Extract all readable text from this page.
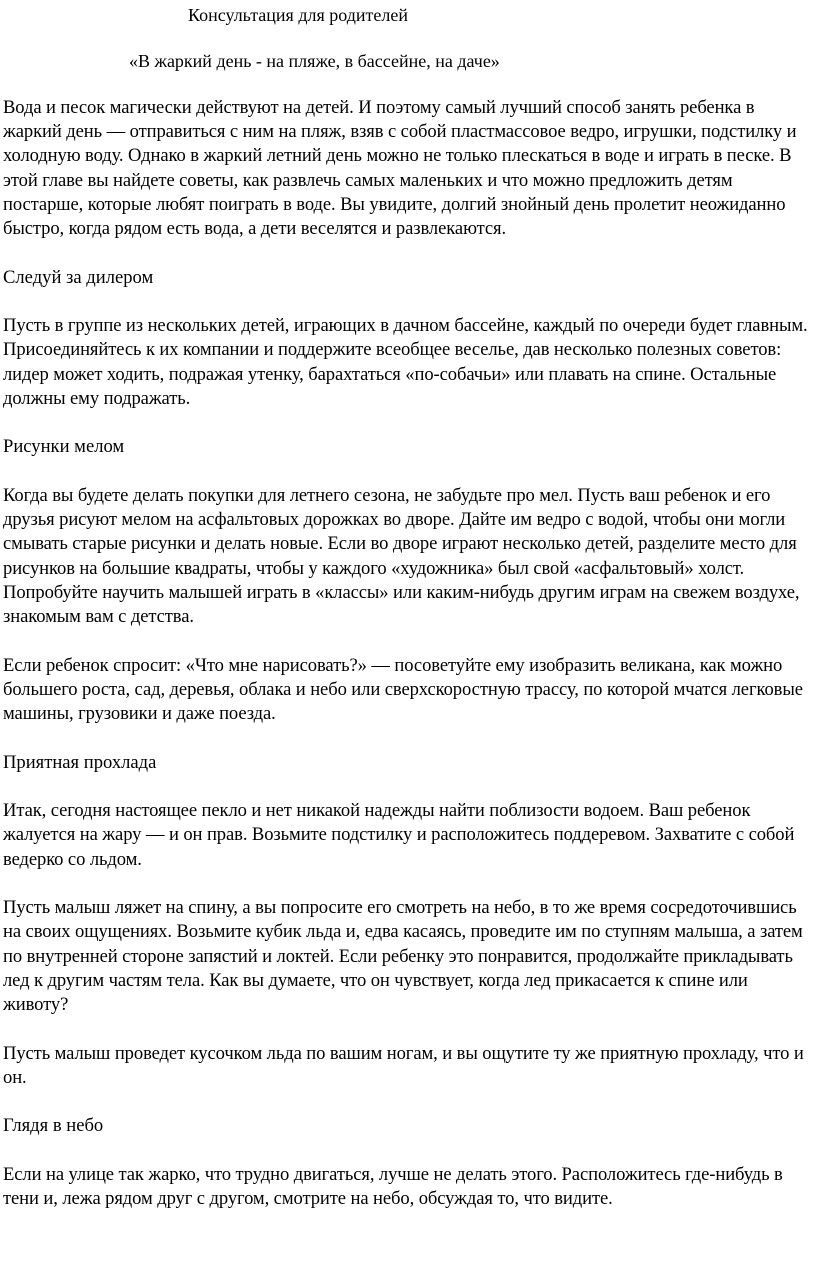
Консультация для родителей
«В жаркий день - на пляже, в бассейне, на даче»

Вода и песок магически действуют на детей. И поэтому самый лучший способ занять ребенка в жаркий день — отправиться с ним на пляж, взяв с собой пластмассовое ведро, игрушки, подстилку и холодную воду. Однако в жаркий летний день можно не только плескаться в воде и играть в песке. В этой главе вы найдете советы, как развлечь самых маленьких и что можно предложить детям постарше, которые любят поиграть в воде. Вы увидите, долгий знойный день пролетит неожиданно быстро, когда рядом есть вода, а дети веселятся и развлекаются.

Следуй за дилером

Пусть в группе из нескольких детей, играющих в дачном бассейне, каждый по очереди будет главным. Присоединяйтесь к их компании и поддержите всеобщее веселье, дав несколько полезных советов: лидер может ходить, подражая утенку, барахтаться «по-собачьи» или плавать на спине. Остальные должны ему подражать.

Рисунки мелом

Когда вы будете делать покупки для летнего сезона, не забудьте про мел. Пусть ваш ребенок и его друзья рисуют мелом на асфальтовых дорожках во дворе. Дайте им ведро с водой, чтобы они могли смывать старые рисунки и делать новые. Если во дворе играют несколько детей, разделите место для рисунков на большие квадраты, чтобы у каждого «художника» был свой «асфальтовый» холст. Попробуйте научить малышей играть в «классы» или каким-нибудь другим играм на свежем воздухе, знакомым вам с детства.

Если ребенок спросит: «Что мне нарисовать?» — посоветуйте ему изобразить великана, как можно большего роста, сад, деревья, облака и небо или сверхскоростную трассу, по которой мчатся легковые машины, грузовики и даже поезда.

Приятная прохлада

Итак, сегодня настоящее пекло и нет никакой надежды найти поблизости водоем. Ваш ребенок жалуется на жару — и он прав. Возьмите подстилку и расположитесь поддеревом. Захватите с собой ведерко со льдом.

Пусть малыш ляжет на спину, а вы попросите его смотреть на небо, в то же время сосредоточившись на своих ощущениях. Возьмите кубик льда и, едва касаясь, проведите им по ступням малыша, а затем по внутренней стороне запястий и локтей. Если ребенку это понравится, продолжайте прикладывать лед к другим частям тела. Как вы думаете, что он чувствует, когда лед прикасается к спине или животу?

Пусть малыш проведет кусочком льда по вашим ногам, и вы ощутите ту же приятную прохладу, что и он.

Глядя в небо

Если на улице так жарко, что трудно двигаться, лучше не делать этого. Расположитесь где-нибудь в тени и, лежа рядом друг с другом, смотрите на небо, обсуждая то, что видите.
